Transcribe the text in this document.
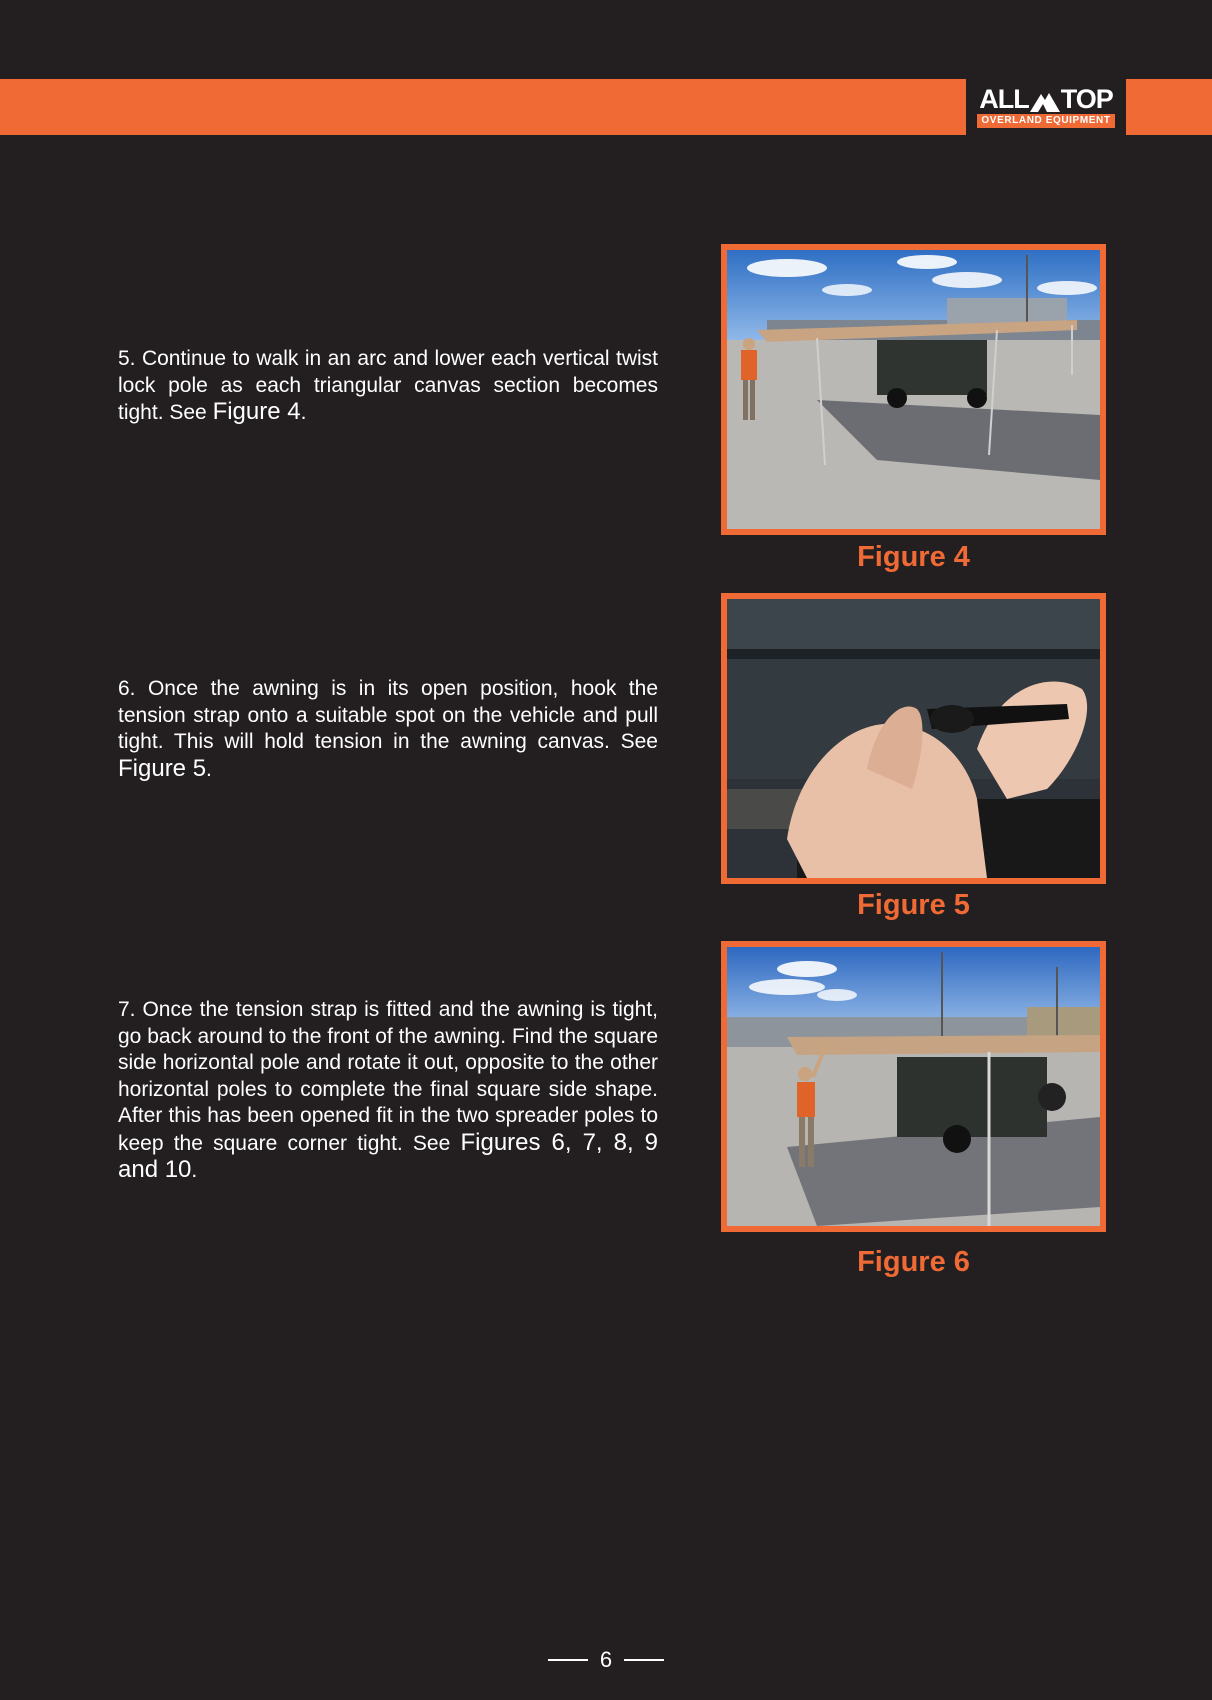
ALL TOP
OVERLAND EQUIPMENT
5. Continue to walk in an arc and lower each vertical twist lock pole as each triangular canvas section becomes tight. See Figure 4.
Figure 4
6. Once the awning is in its open position, hook the tension strap onto a suitable spot on the vehicle and pull tight. This will hold tension in the awning canvas. See Figure 5.
Figure 5
7. Once the tension strap is fitted and the awning is tight, go back around to the front of the awning. Find the square side horizontal pole and rotate it out, opposite to the other horizontal poles to complete the final square side shape. After this has been opened fit in the two spreader poles to keep the square corner tight. See Figures 6, 7, 8, 9 and 10.
Figure 6
6
